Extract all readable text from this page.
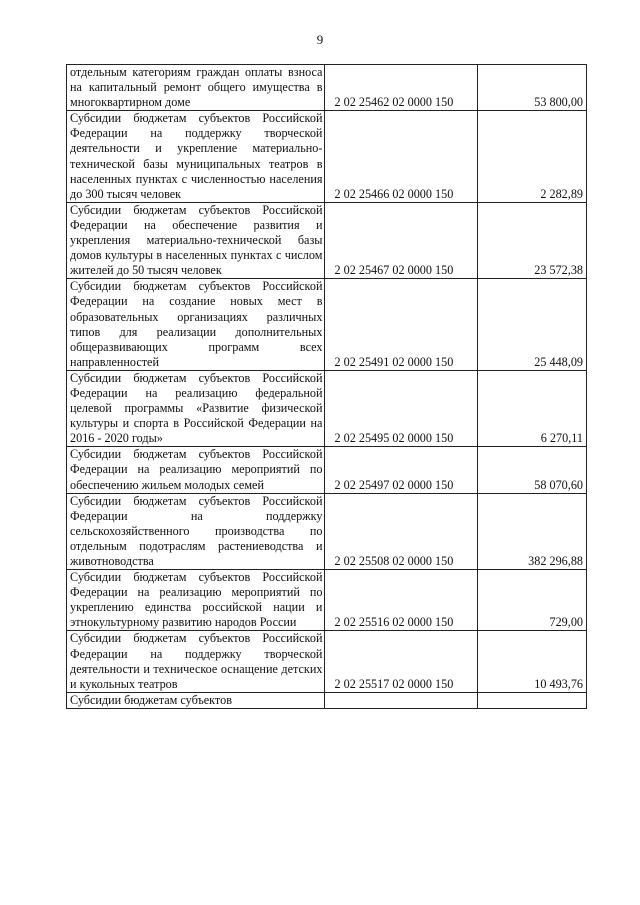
9
отдельным категориям граждан оплаты взноса на капитальный ремонт общего имущества в многоквартирном доме	2 02 25462 02 0000 150	53 800,00
Субсидии бюджетам субъектов Российской Федерации на поддержку творческой деятельности и укрепление материально-технической базы муниципальных театров в населенных пунктах с численностью населения до 300 тысяч человек	2 02 25466 02 0000 150	2 282,89
Субсидии бюджетам субъектов Российской Федерации на обеспечение развития и укрепления материально-технической базы домов культуры в населенных пунктах с числом жителей до 50 тысяч человек	2 02 25467 02 0000 150	23 572,38
Субсидии бюджетам субъектов Российской Федерации на создание новых мест в образовательных организациях различных типов для реализации дополнительных общеразвивающих программ всех направленностей	2 02 25491 02 0000 150	25 448,09
Субсидии бюджетам субъектов Российской Федерации на реализацию федеральной целевой программы «Развитие физической культуры и спорта в Российской Федерации на 2016 - 2020 годы»	2 02 25495 02 0000 150	6 270,11
Субсидии бюджетам субъектов Российской Федерации на реализацию мероприятий по обеспечению жильем молодых семей	2 02 25497 02 0000 150	58 070,60
Субсидии бюджетам субъектов Российской Федерации на поддержку сельскохозяйственного производства по отдельным подотраслям растениеводства и животноводства	2 02 25508 02 0000 150	382 296,88
Субсидии бюджетам субъектов Российской Федерации на реализацию мероприятий по укреплению единства российской нации и этнокультурному развитию народов России	2 02 25516 02 0000 150	729,00
Субсидии бюджетам субъектов Российской Федерации на поддержку творческой деятельности и техническое оснащение детских и кукольных театров	2 02 25517 02 0000 150	10 493,76
Субсидии бюджетам субъектов		
